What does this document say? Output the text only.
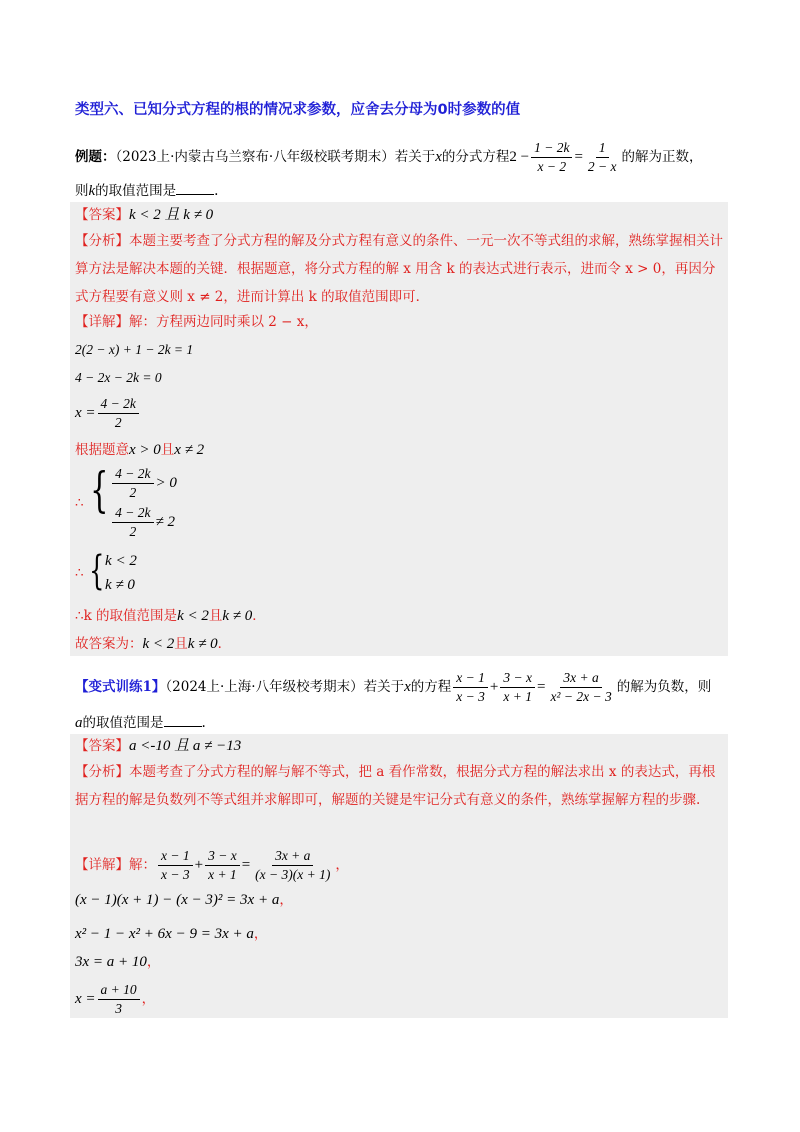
类型六、已知分式方程的根的情况求参数，应舍去分母为0时参数的值
例题：（2023上·内蒙古乌兰察布·八年级校联考期末）若关于x的分式方程$2 - \frac{1 - 2k}{x - 2} = \frac{1}{2 - x}$ 的解为正数，
则k的取值范围是	.
【答案】k < 2 且 k ≠ 0
【分析】本题主要考查了分式方程的解及分式方程有意义的条件、一元一次不等式组的求解，熟练掌握相关计算方法是解决本题的关键．根据题意，将分式方程的解 x 用含 k 的表达式进行表示，进而令 x > 0，再因分式方程要有意义则 x ≠ 2，进而计算出 k 的取值范围即可．
【详解】解：方程两边同时乘以 2 − x，
2(2 − x) + 1 − 2k = 1
4 − 2x − 2k = 0
$x = \frac{4 - 2k}{2}$
根据题意x > 0且x ≠ 2
∴ { $\frac{4 - 2k}{2} > 0$
$\frac{4 - 2k}{2} \ne 2$
∴ { k < 2
k ≠ 0
∴k 的取值范围是k < 2且k ≠ 0．
故答案为：k < 2且k ≠ 0．
【变式训练1】（2024上·上海·八年级校考期末）若关于x的方程 $\frac{x - 1}{x - 3} + \frac{3 - x}{x + 1} = \frac{3x + a}{\text{x² − 2x − 3}}$ 的解为负数，则
a的取值范围是	.
【答案】a <-10 且 a ≠ −13
【分析】本题考查了分式方程的解与解不等式，把 a 看作常数，根据分式方程的解法求出 x 的表达式，再根据方程的解是负数列不等式组并求解即可，解题的关键是牢记分式有意义的条件，熟练掌握解方程的步骤.
【详解】解： $\frac{x - 1}{x - 3} + \frac{3 - x}{x + 1} = \frac{3x + a}{(x - 3)(x + 1)}$ ，
(x − 1)(x + 1) − (x − 3)² = 3x + a，
x² − 1 − x² + 6x − 9 = 3x + a，
3x = a + 10，
$x = \frac{a + 10}{3}$ ，
